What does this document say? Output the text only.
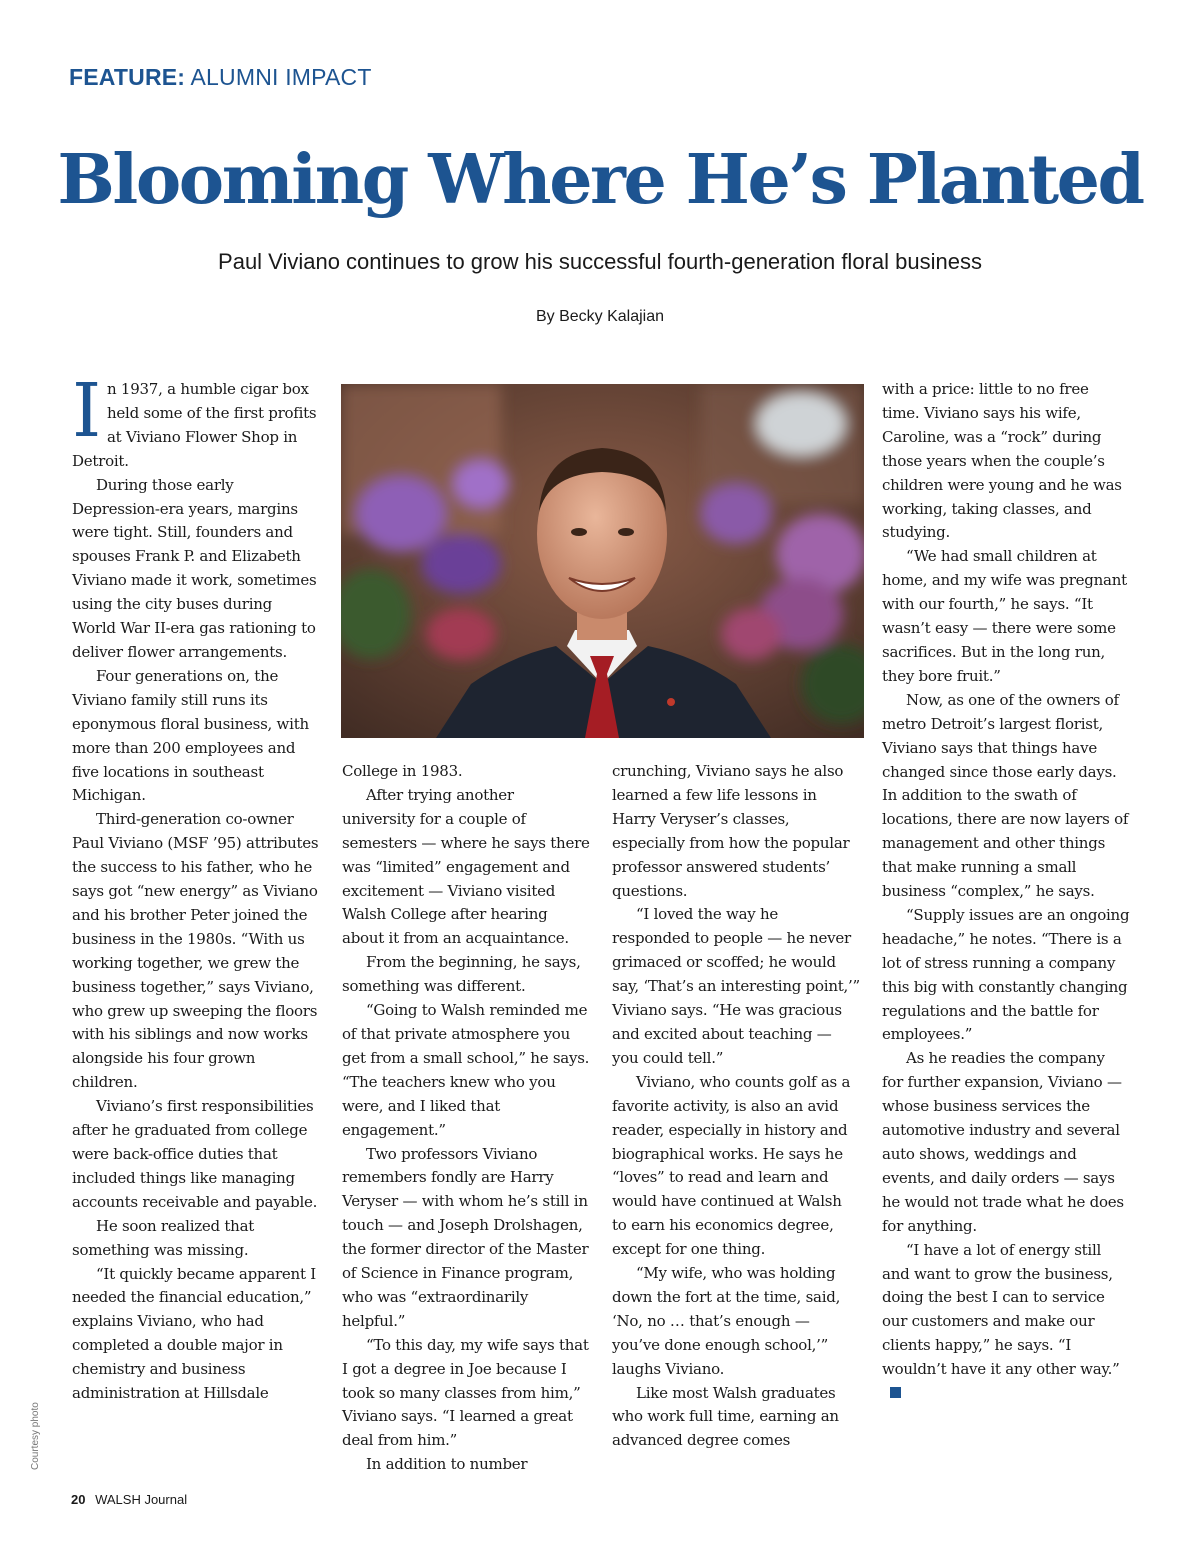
FEATURE: ALUMNI IMPACT
Blooming Where He’s Planted
Paul Viviano continues to grow his successful fourth-generation floral business
By Becky Kalajian

In 1937, a humble cigar box held some of the first profits at Viviano Flower Shop in Detroit.

During those early Depression-era years, margins were tight. Still, founders and spouses Frank P. and Elizabeth Viviano made it work, sometimes using the city buses during World War II-era gas rationing to deliver flower arrangements.

Four generations on, the Viviano family still runs its eponymous floral business, with more than 200 employees and five locations in southeast Michigan.

Third-generation co-owner Paul Viviano (MSF ’95) attributes the success to his father, who he says got “new energy” as Viviano and his brother Peter joined the business in the 1980s. “With us working together, we grew the business together,” says Viviano, who grew up sweeping the floors with his siblings and now works alongside his four grown children.

Viviano’s first responsibilities after he graduated from college were back-office duties that included things like managing accounts receivable and payable.

He soon realized that something was missing.

“It quickly became apparent I needed the financial education,” explains Viviano, who had completed a double major in chemistry and business administration at Hillsdale

College in 1983.

After trying another university for a couple of semesters — where he says there was “limited” engagement and excitement — Viviano visited Walsh College after hearing about it from an acquaintance.

From the beginning, he says, something was different.

“Going to Walsh reminded me of that private atmosphere you get from a small school,” he says. “The teachers knew who you were, and I liked that engagement.”

Two professors Viviano remembers fondly are Harry Veryser — with whom he’s still in touch — and Joseph Drolshagen, the former director of the Master of Science in Finance program, who was “extraordinarily helpful.”

“To this day, my wife says that I got a degree in Joe because I took so many classes from him,” Viviano says. “I learned a great deal from him.”

In addition to number

crunching, Viviano says he also learned a few life lessons in Harry Veryser’s classes, especially from how the popular professor answered students’ questions.

“I loved the way he responded to people — he never grimaced or scoffed; he would say, ‘That’s an interesting point,’” Viviano says. “He was gracious and excited about teaching — you could tell.”

Viviano, who counts golf as a favorite activity, is also an avid reader, especially in history and biographical works. He says he “loves” to read and learn and would have continued at Walsh to earn his economics degree, except for one thing.

“My wife, who was holding down the fort at the time, said, ‘No, no … that’s enough — you’ve done enough school,’” laughs Viviano.

Like most Walsh graduates who work full time, earning an advanced degree comes

with a price: little to no free time. Viviano says his wife, Caroline, was a “rock” during those years when the couple’s children were young and he was working, taking classes, and studying.

“We had small children at home, and my wife was pregnant with our fourth,” he says. “It wasn’t easy — there were some sacrifices. But in the long run, they bore fruit.”

Now, as one of the owners of metro Detroit’s largest florist, Viviano says that things have changed since those early days. In addition to the swath of locations, there are now layers of management and other things that make running a small business “complex,” he says.

“Supply issues are an ongoing headache,” he notes. “There is a lot of stress running a company this big with constantly changing regulations and the battle for employees.”

As he readies the company for further expansion, Viviano — whose business services the automotive industry and several auto shows, weddings and events, and daily orders — says he would not trade what he does for anything.

“I have a lot of energy still and want to grow the business, doing the best I can to service our customers and make our clients happy,” he says. “I wouldn’t have it any other way.”

Courtesy photo
20 WALSH Journal
